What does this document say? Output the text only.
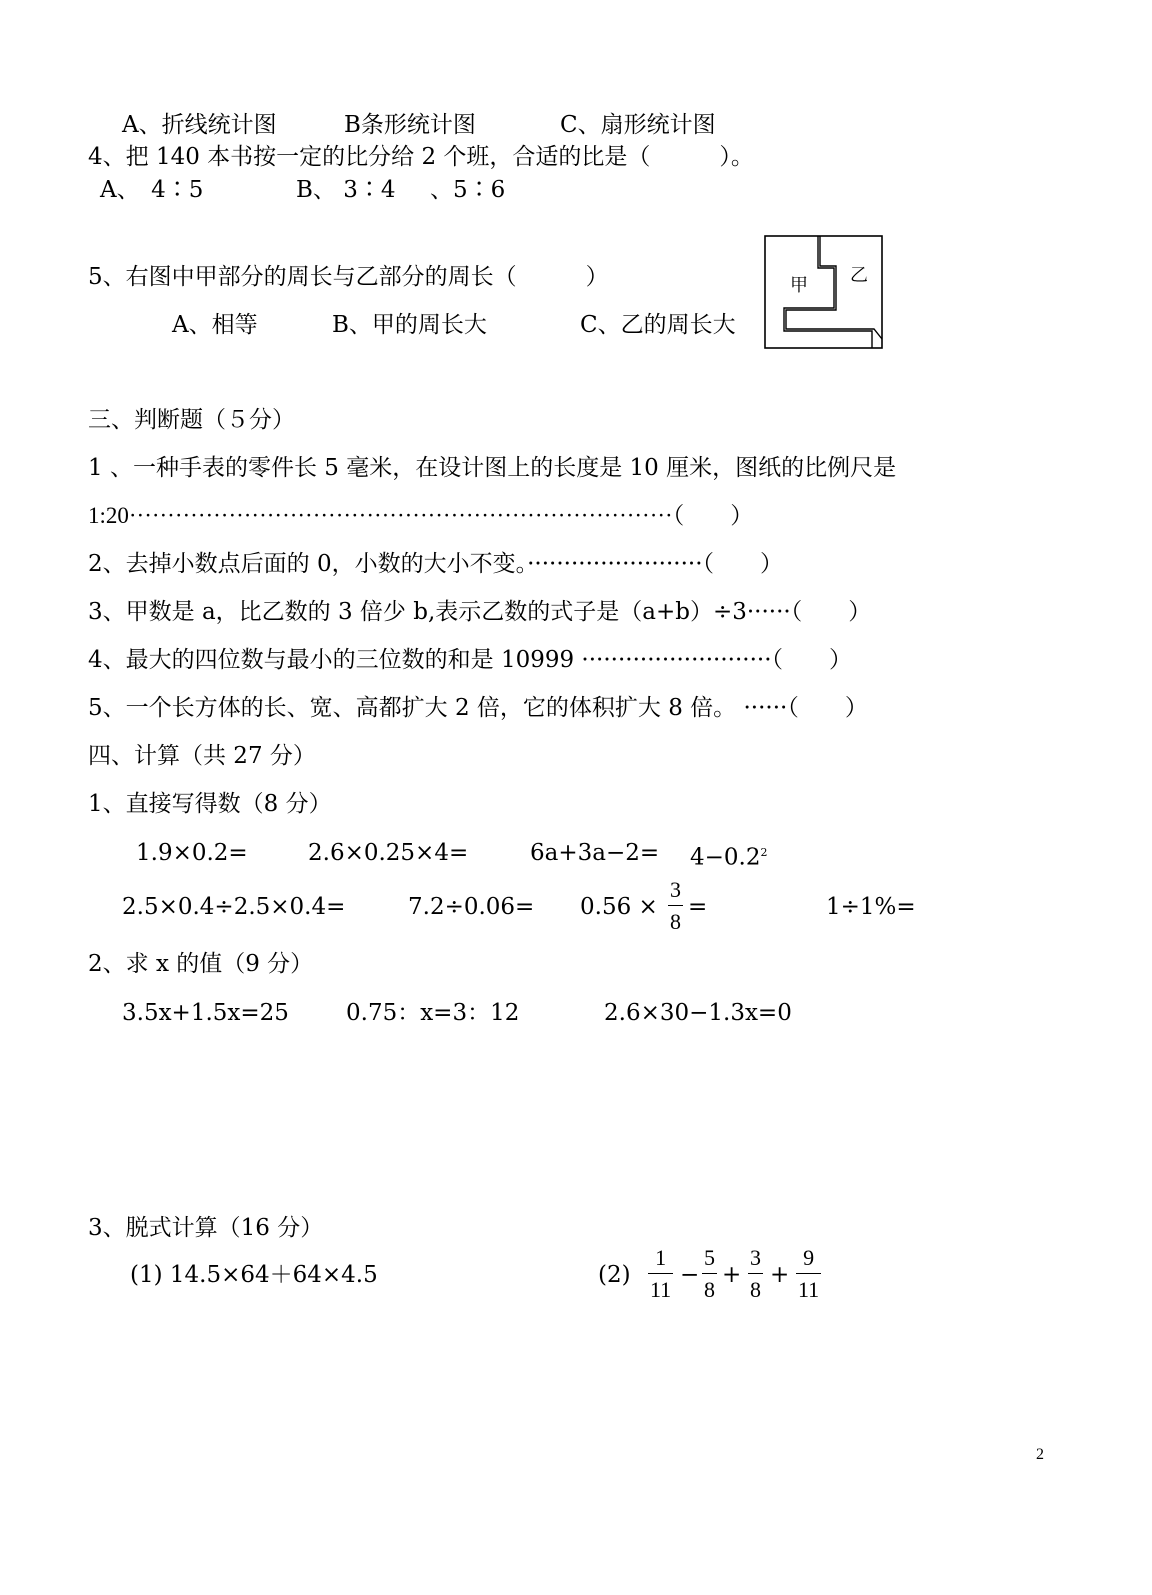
A、折线统计图	B条形统计图	C、扇形统计图
4、把 140 本书按一定的比分给 2 个班，合适的比是（　　　）。
A、　4∶5	B、 3∶4 、5∶6
5、右图中甲部分的周长与乙部分的周长（　　　）
A、相等	B、甲的周长大	C、乙的周长大
甲 乙
三、判断题（５分）
1 、一种手表的零件长 5 毫米，在设计图上的长度是 10 厘米，图纸的比例尺是
1:20·······································································（　　）
2、去掉小数点后面的 0，小数的大小不变。························（　　）
3、甲数是 a，比乙数的 3 倍少 b,表示乙数的式子是（a+b）÷3······（　　）
4、最大的四位数与最小的三位数的和是 10999 ··························（　　）
5、一个长方体的长、宽、高都扩大 2 倍，它的体积扩大 8 倍。 ······（　　）
四、计算（共 27 分）
1、直接写得数（8 分）
1.9×0.2=	2.6×0.25×4=	$6a+3a-2= 4-0.2^2$
2.5×0.4÷2.5×0.4=	7.2÷0.06= 0.56 ×
3
8
=	1÷1%=
2、求 x 的值（9 分）
3.5x+1.5x=25 0.75：x=3：12	2.6×30−1.3x=0
3、脱式计算（16 分）
(1) 14.5×64＋64×4.5	(2)
1
11
−
5
8
+
3
8
+
9
11
2
